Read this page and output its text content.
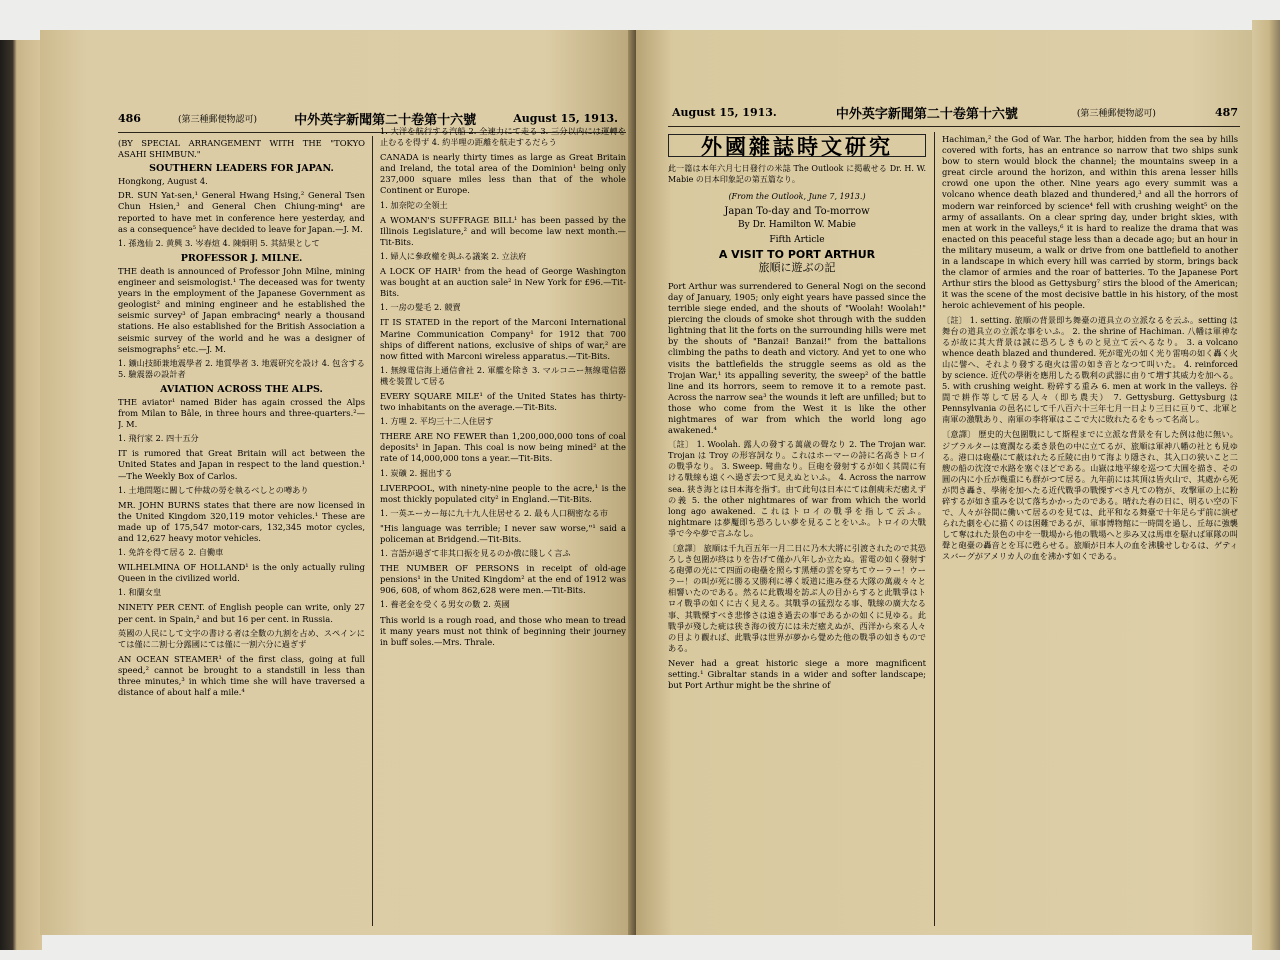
486	(第三種郵便物認可)	中外英字新聞第二十卷第十六號	August 15, 1913.

(BY SPECIAL ARRANGEMENT WITH THE "TOKYO ASAHI SHIMBUN."

SOUTHERN LEADERS FOR JAPAN.

Hongkong, August 4.

DR. SUN Yat-sen,¹ General Hwang Hsing,² General Tsen Chun Hsien,³ and General Chen Chiung-ming⁴ are reported to have met in conference here yesterday, and as a consequence⁵ have decided to leave for Japan.—J. M.

1. 孫逸仙 2. 黄興 3. 岑春煊 4. 陳炯明 5. 其結果として

PROFESSOR J. MILNE.

THE death is announced of Professor John Milne, mining engineer and seismologist.¹ The deceased was for twenty years in the employment of the Japanese Government as geologist² and mining engineer and he established the seismic survey³ of Japan embracing⁴ nearly a thousand stations. He also established for the British Association a seismic survey of the world and he was a designer of seismographs⁵ etc.—J. M.

1. 鑛山技師兼地震學者 2. 地質學者 3. 地震研究を設け 4. 包含する 5. 驗震器の設計者

AVIATION ACROSS THE ALPS.

THE aviator¹ named Bider has again crossed the Alps from Milan to Bâle, in three hours and three-quarters.²—J. M.

1. 飛行家 2. 四十五分

IT is rumored that Great Britain will act between the United States and Japan in respect to the land question.¹—The Weekly Box of Carlos.

1. 土地問題に關して仲裁の勞を執るべしとの噂あり

MR. JOHN BURNS states that there are now licensed in the United Kingdom 320,119 motor vehicles.¹ These are made up of 175,547 motor-cars, 132,345 motor cycles, and 12,627 heavy motor vehicles.

1. 免許を得て居る 2. 自働車

WILHELMINA OF HOLLAND¹ is the only actually ruling Queen in the civilized world.

1. 和蘭女皇

NINETY PER CENT. of English people can write, only 27 per cent. in Spain,² and but 16 per cent. in Russia.

英國の人民にして文字の書ける者は全數の九割を占め、スペインにては僅に二割七分露國にては僅に一割六分に過ぎず

AN OCEAN STEAMER¹ of the first class, going at full speed,² cannot be brought to a standstill in less than three minutes,³ in which time she will have traversed a distance of about half a mile.⁴

1. 大洋を航行する汽船 2. 全速力にて走る 3. 三分以内には運轉を止むるを得ず 4. 約半哩の距離を航走するだらう

CANADA is nearly thirty times as large as Great Britain and Ireland, the total area of the Dominion¹ being only 237,000 square miles less than that of the whole Continent or Europe.

1. 加奈陀の全領土

A WOMAN'S SUFFRAGE BILL¹ has been passed by the Illinois Legislature,² and will become law next month.—Tit-Bits.

1. 婦人に參政權を與ふる議案 2. 立法府

A LOCK OF HAIR¹ from the head of George Washington was bought at an auction sale² in New York for £96.—Tit-Bits.

1. 一房の髪毛 2. 競賣

IT IS STATED in the report of the Marconi International Marine Communication Company¹ for 1912 that 700 ships of different nations, exclusive of ships of war,² are now fitted with Marconi wireless apparatus.—Tit-Bits.

1. 無線電信海上通信會社 2. 軍艦を除き 3. マルコニー無線電信器機を裝置して居る

EVERY SQUARE MILE¹ of the United States has thirty-two inhabitants on the average.—Tit-Bits.

1. 方哩 2. 平均三十二人住居す

THERE ARE NO FEWER than 1,200,000,000 tons of coal deposits¹ in Japan. This coal is now being mined² at the rate of 14,000,000 tons a year.—Tit-Bits.

1. 炭礦 2. 掘出する

LIVERPOOL, with ninety-nine people to the acre,¹ is the most thickly populated city² in England.—Tit-Bits.

1. 一英エーカー毎に九十九人住居せる 2. 最も人口稠密なる市

"His language was terrible; I never saw worse,"¹ said a policeman at Bridgend.—Tit-Bits.

1. 言語が過ぎて非其口振を見るのか俄に賤しく言ふ

THE NUMBER OF PERSONS in receipt of old-age pensions¹ in the United Kingdom² at the end of 1912 was 906, 608, of whom 862,628 were men.—Tit-Bits.

1. 養老金を受くる男女の數 2. 英國

This world is a rough road, and those who mean to tread it many years must not think of beginning their journey in buff soles.—Mrs. Thrale.

August 15, 1913.	中外英字新聞第二十卷第十六號	(第三種郵便物認可)	487
外國雜誌時文研究

此一篇は本年六月七日發行の米誌 The Outlook に掲載せる Dr. H. W. Mabie の日本印象記の第五篇なり。

(From the Outlook, June 7, 1913.)

Japan To-day and To-morrow

By Dr. Hamilton W. Mabie

Fifth Article

A VISIT TO PORT ARTHUR
旅順に遊ぶの記

Port Arthur was surrendered to General Nogi on the second day of January, 1905; only eight years have passed since the terrible siege ended, and the shouts of "Woolah! Woolah!" piercing the clouds of smoke shot through with the sudden lightning that lit the forts on the surrounding hills were met by the shouts of "Banzai! Banzai!" from the battalions climbing the paths to death and victory. And yet to one who visits the battlefields the struggle seems as old as the Trojan War,¹ its appalling severity, the sweep² of the battle line and its horrors, seem to remove it to a remote past. Across the narrow sea³ the wounds it left are unfilled; but to those who come from the West it is like the other nightmares of war from which the world long ago awakened.⁴

〔註〕 1. Woolah. 露人の發する萬歳の聲なり 2. The Trojan war. Trojan は Troy の形容詞なり。これはホーマーの詩に名高きトロイの戰爭なり。 3. Sweep. 彎曲なり。巨砲を發射するが如く其間に有ける戰線も遠くへ過ぎ去つて見えぬといふ。 4. Across the narrow sea. 狭き海とは日本海を指す。由て此句は日本にては創痍未だ癒えずの義 5. the other nightmares of war from which the world long ago awakened. これはトロイの戰爭を指して云ふ。nightmare は夢魘即ち恐ろしい夢を見ることをいふ。トロイの大戰爭で今や夢で言ふなし。

〔意譯〕 旅順は千九百五年一月二日に乃木大將に引渡されたので其恐ろしき包圍が終はりを告げて僅か八年しか立たぬ。雷電の如く發射する砲彈の光にて四面の砲壘を照らす黑煙の雲を穿ちてウーラー！ウーラー！の叫が死に勝る又勝利に導く坂道に進み登る大隊の萬歳々々と相響いたのである。然るに此戰場を訪ぶ人の目からすると此戰爭はトロイ戰爭の如くに古く見える。其戰爭の猛烈なる事、戰線の廣大なる事、其戰慄すべき悲慘さは遠き過去の事であるかの如くに見ゆる。此戰爭が殘した疵は狭き海の彼方には未だ癒えぬが、西洋から來る人々の目より觀れば、此戰爭は世界が夢から覺めた他の戰爭の如きものである。

Never had a great historic siege a more magnificent setting.¹ Gibraltar stands in a wider and softer landscape; but Port Arthur might be the shrine of

Hachiman,² the God of War. The harbor, hidden from the sea by hills covered with forts, has an entrance so narrow that two ships sunk bow to stern would block the channel; the mountains sweep in a great circle around the horizon, and within this arena lesser hills crowd one upon the other. Nine years ago every summit was a volcano whence death blazed and thundered,³ and all the horrors of modern war reinforced by science⁴ fell with crushing weight⁵ on the army of assailants. On a clear spring day, under bright skies, with men at work in the valleys,⁶ it is hard to realize the drama that was enacted on this peaceful stage less than a decade ago; but an hour in the military museum, a walk or drive from one battlefield to another in a landscape in which every hill was carried by storm, brings back the clamor of armies and the roar of batteries. To the Japanese Port Arthur stirs the blood as Gettysburg⁷ stirs the blood of the American; it was the scene of the most decisive battle in his history, of the most heroic achievement of his people.

〔註〕 1. setting. 旅順の背景即ち舞臺の道具立の立派なるを云ふ。setting は舞台の道具立の立派な事をいふ。 2. the shrine of Hachiman. 八幡は軍神なるが故に其大背景は誠に恐ろしきものと見立て云へるなり。 3. a volcano whence death blazed and thundered. 死が電光の如く光り雷鳴の如く轟く火山に譬へ、それより發する砲火は雷の如き音となつて叫いた。 4. reinforced by science. 近代の學術を應用したる戰利の武器に由りて増す其威力を加へる。 5. with crushing weight. 粉碎する重み 6. men at work in the valleys. 谷間で耕作等して居る人々（即ち農夫） 7. Gettysburg. Gettysburg は Pennsylvania の邑名にして千八百六十三年七月一日より三日に亘りて、北軍と南軍の激戰あり、南軍の李将軍はここで大に敗れたるをもって名高し。

〔意譯〕 歷史的大包圍戰にして斯程までに立派な背景を有した例は他に無い。ジブラルターは寛濶なる柔き景色の中に立てるが、旅順は軍神八幡の社とも見ゆる。港口は砲壘にて蔽はれたる丘陵に由りて海より隱され、其入口の狭いこと二艘の船の沈沒で水路を塞ぐほどである。山嶽は地平線を巡つて大圓を描き、その圓の内に小丘が幾重にも群がつて居る。九年前には其頂は皆火山で、其處から死が閃き轟き、學術を加へたる近代戰爭の戰慄すべき凡ての物が、攻撃軍の上に粉碎するが如き重みを以て落ちかかったのである。晴れた春の日に、明るい空の下で、人々が谷間に働いて居るのを見ては、此平和なる舞臺で十年足らず前に演ぜられた劇を心に描くのは困難であるが、軍事博物館に一時間を過し、丘毎に強襲して奪はれた景色の中を一戰場から他の戰場へと歩み又は馬車を駆れば軍隊の叫聲と砲臺の轟音とを耳に甦らせる。旅順が日本人の血を沸騰せしむるは、ゲティスバーグがアメリカ人の血を沸かす如くである。
